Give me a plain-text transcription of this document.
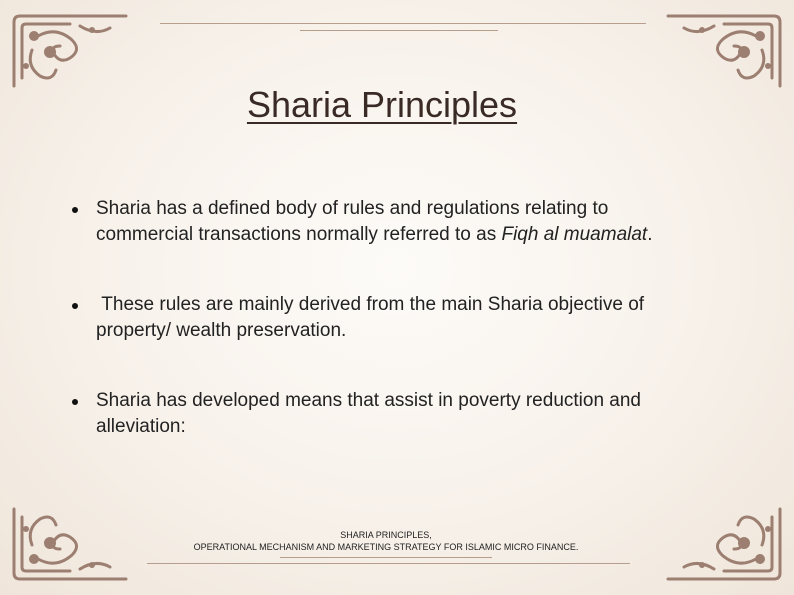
Sharia Principles
Sharia has a defined body of rules and regulations relating to commercial transactions normally referred to as Fiqh al muamalat.
These rules are mainly derived from the main Sharia objective of property/ wealth preservation.
Sharia has developed means that assist in poverty reduction and alleviation:
SHARIA PRINCIPLES,
OPERATIONAL MECHANISM AND MARKETING STRATEGY FOR ISLAMIC MICRO FINANCE.
